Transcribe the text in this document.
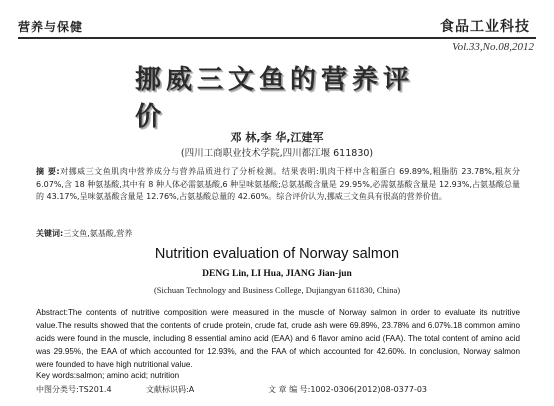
营养与保健	食品工业科技
Vol.33,No.08,2012
挪威三文鱼的营养评价
邓 林,李 华,江建军
(四川工商职业技术学院,四川都江堰 611830)
摘 要:对挪威三文鱼肌肉中营养成分与营养品质进行了分析检测。结果表明:肌肉干样中含粗蛋白 69.89%,粗脂肪 23.78%,粗灰分 6.07%,含 18 种氨基酸,其中有 8 种人体必需氨基酸,6 种呈味氨基酸;总氨基酸含量是 29.95%,必需氨基酸含量是 12.93%,占氨基酸总量的 43.17%,呈味氨基酸含量是 12.76%,占氨基酸总量的 42.60%。综合评价认为,挪威三文鱼具有很高的营养价值。
关键词:三文鱼,氨基酸,营养
Nutrition evaluation of Norway salmon
DENG Lin, LI Hua, JIANG Jian-jun
(Sichuan Technology and Business College, Dujiangyan 611830, China)
Abstract:The contents of nutritive composition were measured in the muscle of Norway salmon in order to evaluate its nutritive value.The results showed that the contents of crude protein, crude fat, crude ash were 69.89%, 23.78% and 6.07%.18 common amino acids were found in the muscle, including 8 essential amino acid (EAA) and 6 flavor amino acid (FAA). The total content of amino acid was 29.95%, the EAA of which accounted for 12.93%, and the FAA of which accounted for 42.60%. In conclusion, Norway salmon were founded to have high nutritional value.
Key words:salmon; amino acid; nutrition
中图分类号:TS201.4	文献标识码:A	文 章 编 号:1002-0306(2012)08-0377-03
